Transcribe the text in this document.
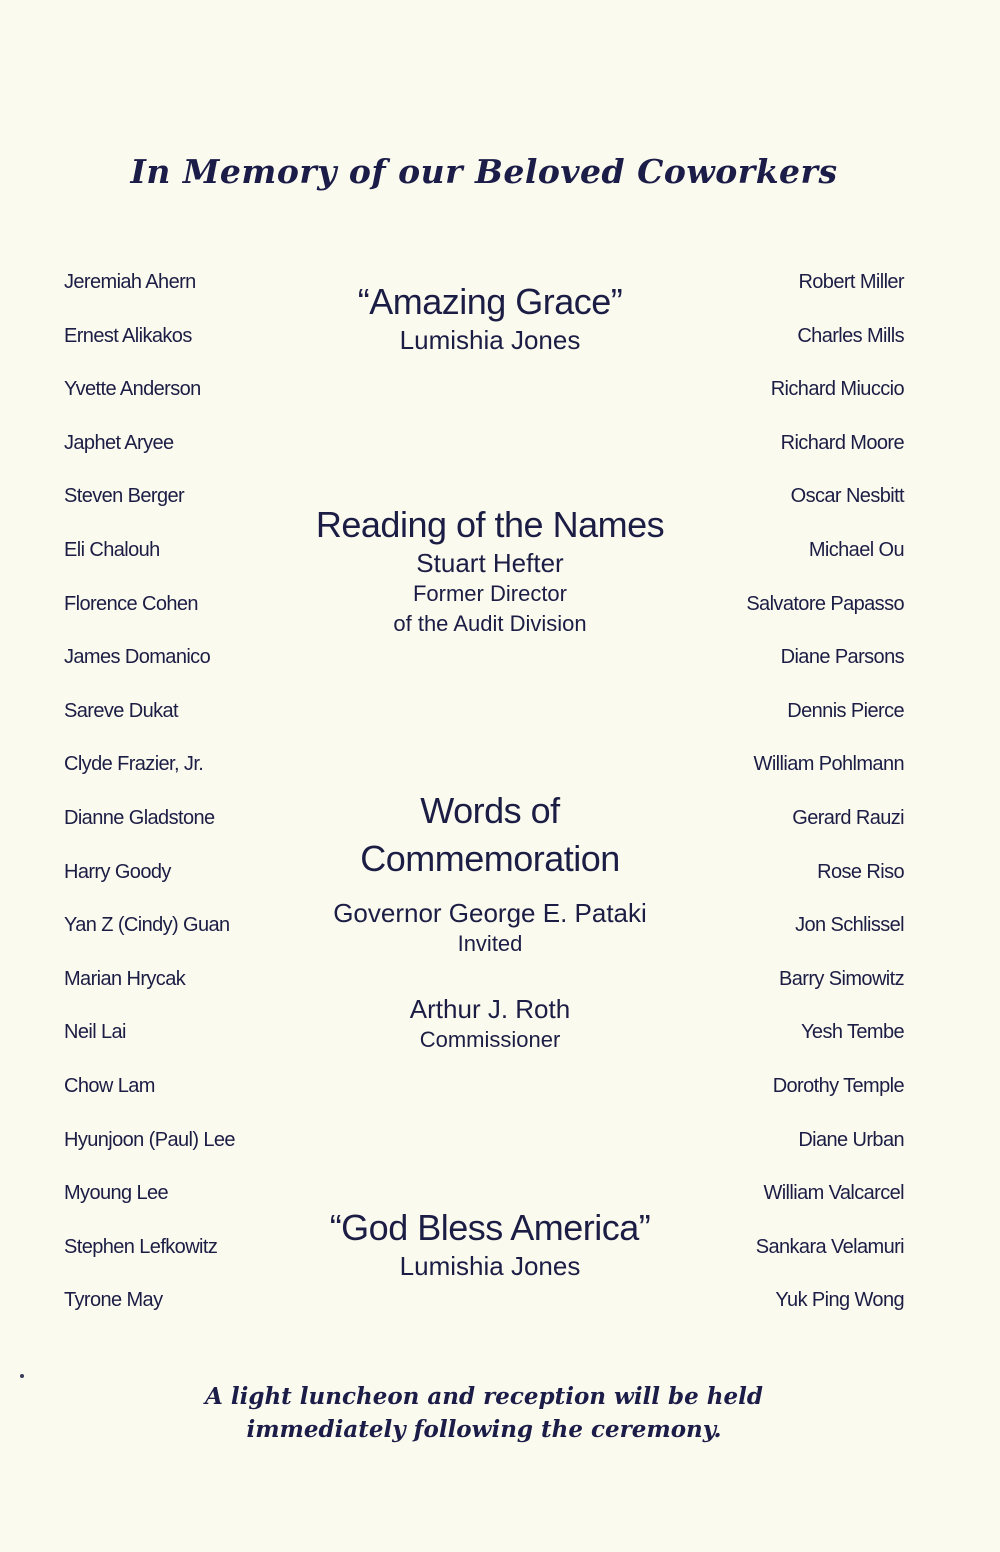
In Memory of our Beloved Coworkers
Jeremiah Ahern
Ernest Alikakos
Yvette Anderson
Japhet Aryee
Steven Berger
Eli Chalouh
Florence Cohen
James Domanico
Sareve Dukat
Clyde Frazier, Jr.
Dianne Gladstone
Harry Goody
Yan Z (Cindy) Guan
Marian Hrycak
Neil Lai
Chow Lam
Hyunjoon (Paul) Lee
Myoung Lee
Stephen Lefkowitz
Tyrone May
Robert Miller
Charles Mills
Richard Miuccio
Richard Moore
Oscar Nesbitt
Michael Ou
Salvatore Papasso
Diane Parsons
Dennis Pierce
William Pohlmann
Gerard Rauzi
Rose Riso
Jon Schlissel
Barry Simowitz
Yesh Tembe
Dorothy Temple
Diane Urban
William Valcarcel
Sankara Velamuri
Yuk Ping Wong

“Amazing Grace”

Lumishia Jones

Reading of the Names

Stuart Hefter

Former Director

of the Audit Division

Words of

Commemoration

Governor George E. Pataki

Invited

Arthur J. Roth

Commissioner

“God Bless America”

Lumishia Jones

A light luncheon and reception will be held
immediately following the ceremony.
